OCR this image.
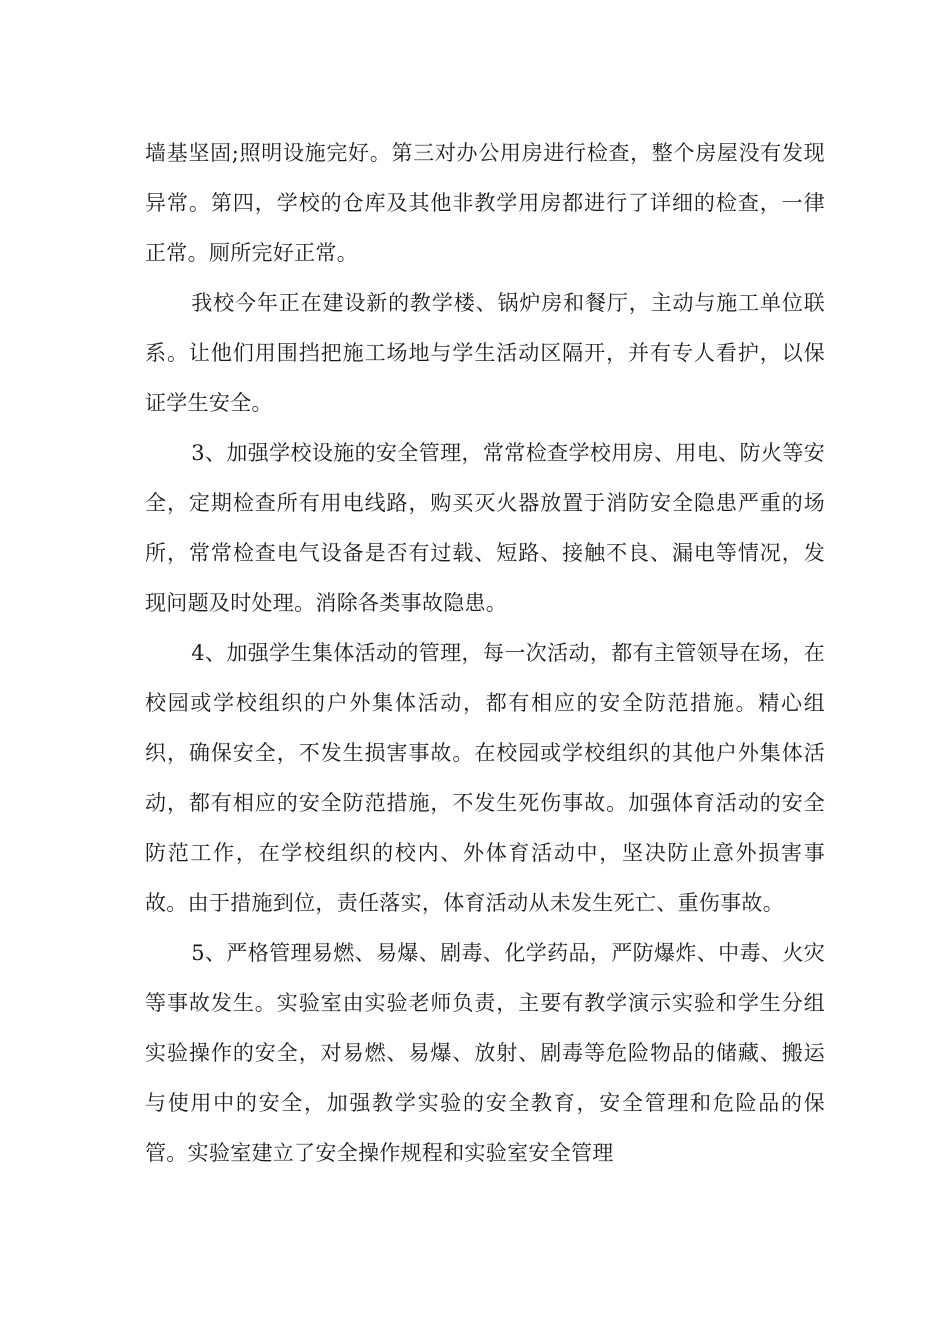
墙基坚固;照明设施完好。第三对办公用房进行检查，整个房屋没有发现异常。第四，学校的仓库及其他非教学用房都进行了详细的检查，一律正常。厕所完好正常。

我校今年正在建设新的教学楼、锅炉房和餐厅，主动与施工单位联系。让他们用围挡把施工场地与学生活动区隔开，并有专人看护，以保证学生安全。

3、加强学校设施的安全管理，常常检查学校用房、用电、防火等安全，定期检查所有用电线路，购买灭火器放置于消防安全隐患严重的场所，常常检查电气设备是否有过载、短路、接触不良、漏电等情况，发现问题及时处理。消除各类事故隐患。

4、加强学生集体活动的管理，每一次活动，都有主管领导在场，在校园或学校组织的户外集体活动，都有相应的安全防范措施。精心组织，确保安全，不发生损害事故。在校园或学校组织的其他户外集体活动，都有相应的安全防范措施，不发生死伤事故。加强体育活动的安全防范工作，在学校组织的校内、外体育活动中，坚决防止意外损害事故。由于措施到位，责任落实，体育活动从未发生死亡、重伤事故。

5、严格管理易燃、易爆、剧毒、化学药品，严防爆炸、中毒、火灾等事故发生。实验室由实验老师负责，主要有教学演示实验和学生分组实验操作的安全，对易燃、易爆、放射、剧毒等危险物品的储藏、搬运与使用中的安全，加强教学实验的安全教育，安全管理和危险品的保管。实验室建立了安全操作规程和实验室安全管理
